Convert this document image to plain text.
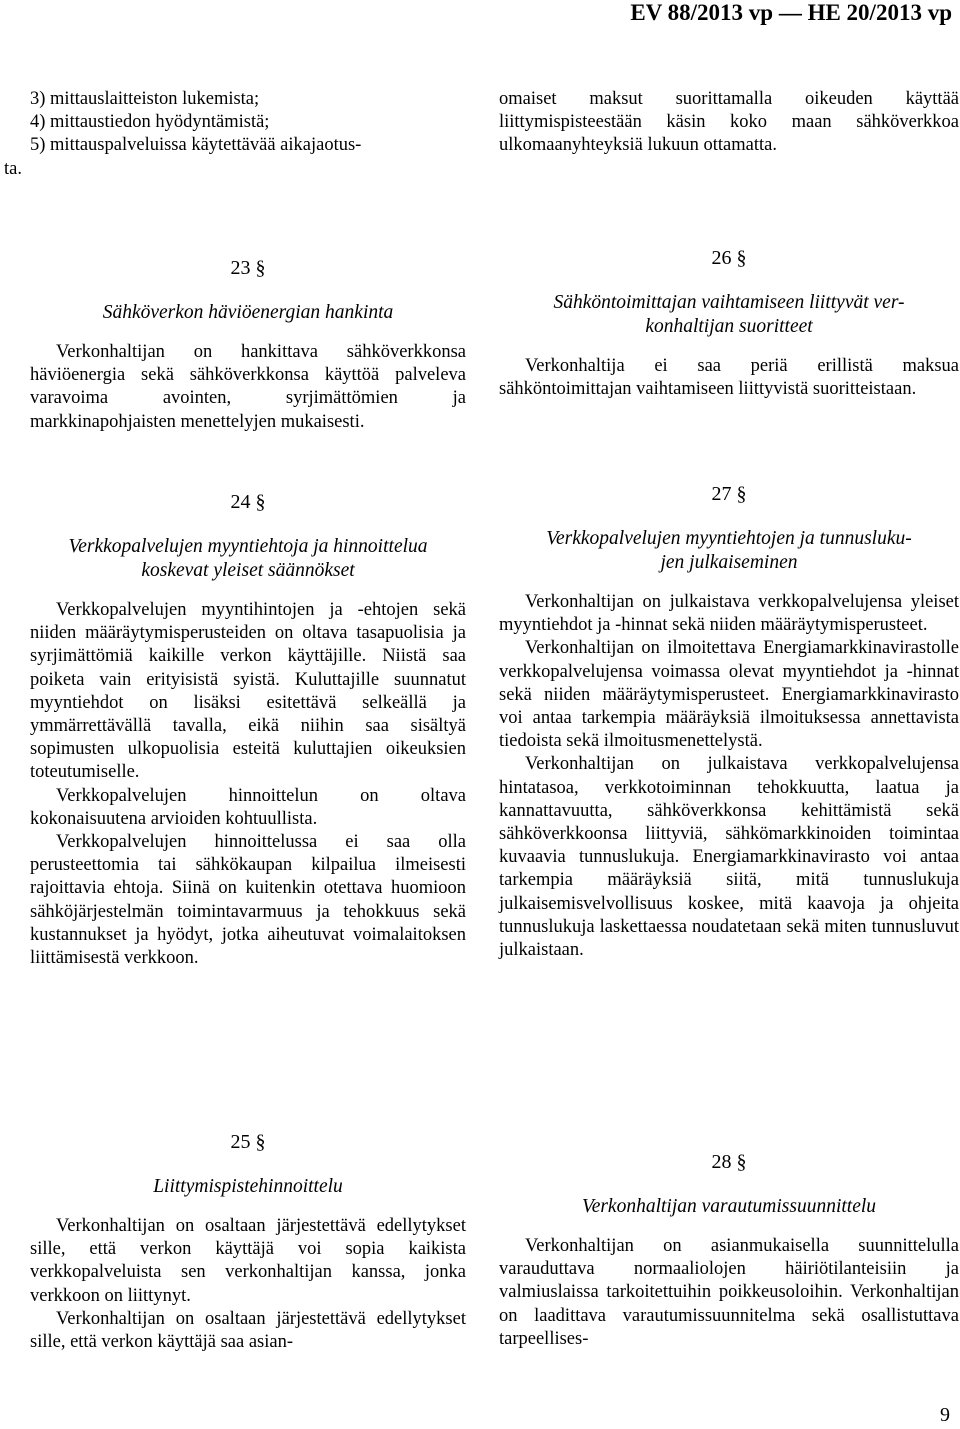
EV 88/2013 vp — HE 20/2013 vp

3) mittauslaitteiston lukemista;

4) mittaustiedon hyödyntämistä;

5) mittauspalveluissa käytettävää aikajaotus-

ta.

23 §

Sähköverkon häviöenergian hankinta

Verkonhaltijan on hankittava sähköverkkonsa häviöenergia sekä sähköverkkonsa käyttöä palveleva varavoima avointen, syrjimättömien ja markkinapohjaisten menettelyjen mukaisesti.

24 §

Verkkopalvelujen myyntiehtoja ja hinnoittelua

koskevat yleiset säännökset

Verkkopalvelujen myyntihintojen ja -ehtojen sekä niiden määräytymisperusteiden on oltava tasapuolisia ja syrjimättömiä kaikille verkon käyttäjille. Niistä saa poiketa vain erityisistä syistä. Kuluttajille suunnatut myyntiehdot on lisäksi esitettävä selkeällä ja ymmärrettävällä tavalla, eikä niihin saa sisältyä sopimusten ulkopuolisia esteitä kuluttajien oikeuksien toteutumiselle.

Verkkopalvelujen hinnoittelun on oltava kokonaisuutena arvioiden kohtuullista.

Verkkopalvelujen hinnoittelussa ei saa olla perusteettomia tai sähkökaupan kilpailua ilmeisesti rajoittavia ehtoja. Siinä on kuitenkin otettava huomioon sähköjärjestelmän toimintavarmuus ja tehokkuus sekä kustannukset ja hyödyt, jotka aiheutuvat voimalaitoksen liittämisestä verkkoon.

25 §

Liittymispistehinnoittelu

Verkonhaltijan on osaltaan järjestettävä edellytykset sille, että verkon käyttäjä voi sopia kaikista verkkopalveluista sen verkonhaltijan kanssa, jonka verkkoon on liittynyt.

Verkonhaltijan on osaltaan järjestettävä edellytykset sille, että verkon käyttäjä saa asian-

omaiset maksut suorittamalla oikeuden käyttää liittymispisteestään käsin koko maan sähköverkkoa ulkomaanyhteyksiä lukuun ottamatta.

26 §

Sähköntoimittajan vaihtamiseen liittyvät ver-

konhaltijan suoritteet

Verkonhaltija ei saa periä erillistä maksua sähköntoimittajan vaihtamiseen liittyvistä suoritteistaan.

27 §

Verkkopalvelujen myyntiehtojen ja tunnusluku-

jen julkaiseminen

Verkonhaltijan on julkaistava verkkopalvelujensa yleiset myyntiehdot ja -hinnat sekä niiden määräytymisperusteet.

Verkonhaltijan on ilmoitettava Energiamarkkinavirastolle verkkopalvelujensa voimassa olevat myyntiehdot ja -hinnat sekä niiden määräytymisperusteet. Energiamarkkinavirasto voi antaa tarkempia määräyksiä ilmoituksessa annettavista tiedoista sekä ilmoitusmenettelystä.

Verkonhaltijan on julkaistava verkkopalvelujensa hintatasoa, verkkotoiminnan tehokkuutta, laatua ja kannattavuutta, sähköverkkonsa kehittämistä sekä sähköverkkoonsa liittyviä, sähkömarkkinoiden toimintaa kuvaavia tunnuslukuja. Energiamarkkinavirasto voi antaa tarkempia määräyksiä siitä, mitä tunnuslukuja julkaisemisvelvollisuus koskee, mitä kaavoja ja ohjeita tunnuslukuja laskettaessa noudatetaan sekä miten tunnusluvut julkaistaan.

28 §

Verkonhaltijan varautumissuunnittelu

Verkonhaltijan on asianmukaisella suunnittelulla varauduttava normaaliolojen häiriötilanteisiin ja valmiuslaissa tarkoitettuihin poikkeusoloihin. Verkonhaltijan on laadittava varautumissuunnitelma sekä osallistuttava tarpeellises-

9
